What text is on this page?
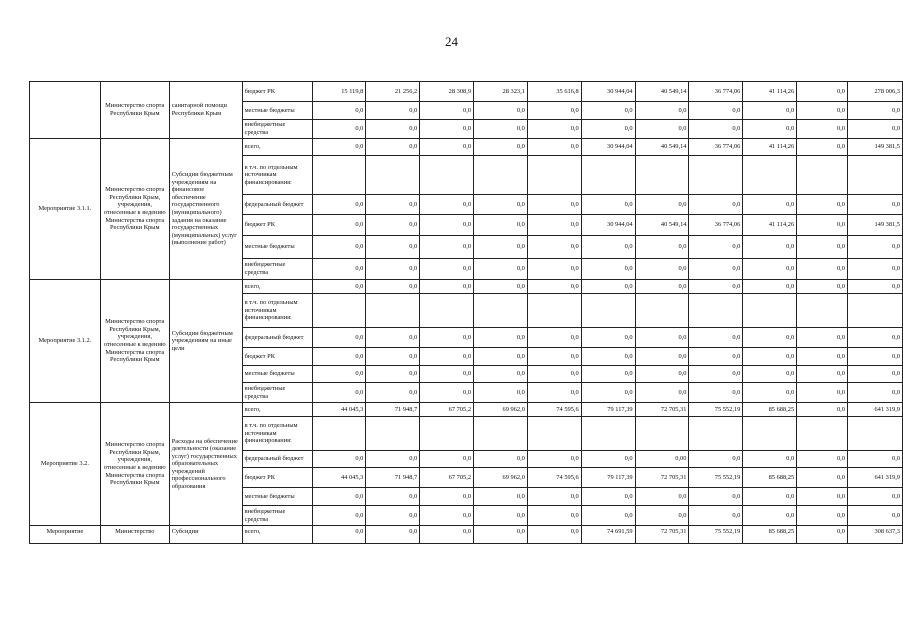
24
	Министерство спорта Республики Крым	санитарной помощи Республики Крым	бюджет РК	15 119,8	21 256,2	28 308,9	28 323,1	35 616,8	30 944,04	40 549,14	36 774,06	41 114,26	0,0	278 006,3
			местные бюджеты	0,0	0,0	0,0	0,0	0,0	0,0	0,0	0,0	0,0	0,0	0,0
			внебюджетные средства	0,0	0,0	0,0	0,0	0,0	0,0	0,0	0,0	0,0	0,0	0,0
Мероприятие 3.1.1.	Министерство спорта Республики Крым, учреждения, отнесенные к ведению Министерства спорта Республики Крым	Субсидии бюджетным учреждениям на финансовое обеспечение государственного (муниципального) задания на оказание государственных (муниципальных) услуг (выполнение работ)	всего,	0,0	0,0	0,0	0,0	0,0	30 944,04	40 549,14	36 774,06	41 114,26	0,0	149 381,5
			в т.ч. по отдельным источникам финансирования:											
			федеральный бюджет	0,0	0,0	0,0	0,0	0,0	0,0	0,0	0,0	0,0	0,0	0,0
			бюджет РК	0,0	0,0	0,0	0,0	0,0	30 944,04	40 549,14	36 774,06	41 114,26	0,0	149 381,5
			местные бюджеты	0,0	0,0	0,0	0,0	0,0	0,0	0,0	0,0	0,0	0,0	0,0
			внебюджетные средства	0,0	0,0	0,0	0,0	0,0	0,0	0,0	0,0	0,0	0,0	0,0
Мероприятие 3.1.2.	Министерство спорта Республики Крым, учреждения, отнесенные к ведению Министерства спорта Республики Крым	Субсидии бюджетным учреждениям на иные цели	всего,	0,0	0,0	0,0	0,0	0,0	0,0	0,0	0,0	0,0	0,0	0,0
			в т.ч. по отдельным источникам финансирования:											
			федеральный бюджет	0,0	0,0	0,0	0,0	0,0	0,0	0,0	0,0	0,0	0,0	0,0
			бюджет РК	0,0	0,0	0,0	0,0	0,0	0,0	0,0	0,0	0,0	0,0	0,0
			местные бюджеты	0,0	0,0	0,0	0,0	0,0	0,0	0,0	0,0	0,0	0,0	0,0
			внебюджетные средства	0,0	0,0	0,0	0,0	0,0	0,0	0,0	0,0	0,0	0,0	0,0
Мероприятие 3.2.	Министерство спорта Республики Крым, учреждения, отнесенные к ведению Министерства спорта Республики Крым	Расходы на обеспечение деятельности (оказание услуг) государственных образовательных учреждений профессионального образования	всего,	44 045,3	71 948,7	67 705,2	69 962,0	74 595,6	79 117,39	72 705,31	75 552,19	85 688,25	0,0	641 319,9
			в т.ч. по отдельным источникам финансирования:											
			федеральный бюджет	0,0	0,0	0,0	0,0	0,0	0,0	0,00	0,0	0,0	0,0	0,0
			бюджет РК	44 045,3	71 948,7	67 705,2	69 962,0	74 595,6	79 117,39	72 705,31	75 552,19	85 688,25	0,0	641 319,9
			местные бюджеты	0,0	0,0	0,0	0,0	0,0	0,0	0,0	0,0	0,0	0,0	0,0
			внебюджетные средства	0,0	0,0	0,0	0,0	0,0	0,0	0,0	0,0	0,0	0,0	0,0
Мероприятие	Министерство	Субсидии	всего,	0,0	0,0	0,0	0,0	0,0	74 691,59	72 705,31	75 552,19	85 688,25	0,0	308 637,3
